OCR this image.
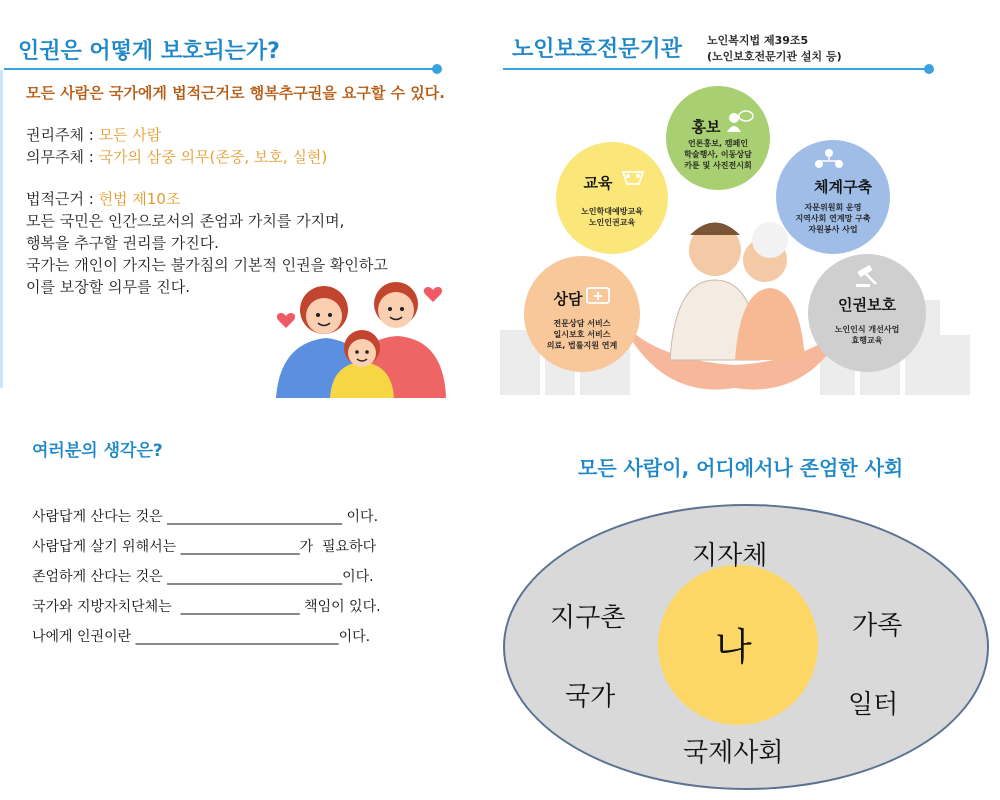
인권은 어떻게 보호되는가?
모든 사람은 국가에게 법적근거로 행복추구권을 요구할 수 있다.
권리주체 : 모든 사람
의무주체 : 국가의 삼중 의무(존중, 보호, 실현)
법적근거 : 헌법 제10조
모든 국민은 인간으로서의 존엄과 가치를 가지며,
행복을 추구할 권리를 가진다.
국가는 개인이 가지는 불가침의 기본적 인권을 확인하고
이를 보장할 의무를 진다.
노인보호전문기관 노인복지법 제39조5
(노인보호전문기관 설치 등)
홍보
언론홍보, 캠페인
학술행사, 이동상담
카툰 및 사진전시회
교육
노인학대예방교육
노인인권교육
체계구축
자문위원회 운영
지역사회 연계망 구축
자원봉사 사업
상담
전문상담 서비스
일시보호 서비스
의료, 법률지원 연계
인권보호
노인인식 개선사업
효행교육
여러분의 생각은?
사람답게 산다는 것은 _________________________ 이다.
사람답게 살기 위해서는 _________________가  필요하다
존엄하게 산다는 것은 _________________________이다.
국가와 지방자치단체는  _________________ 책임이 있다.
나에게 인권이란 _____________________________이다.
모든 사람이, 어디에서나 존엄한 사회
나
지자체
지구촌	가족
국가	일터
국제사회
